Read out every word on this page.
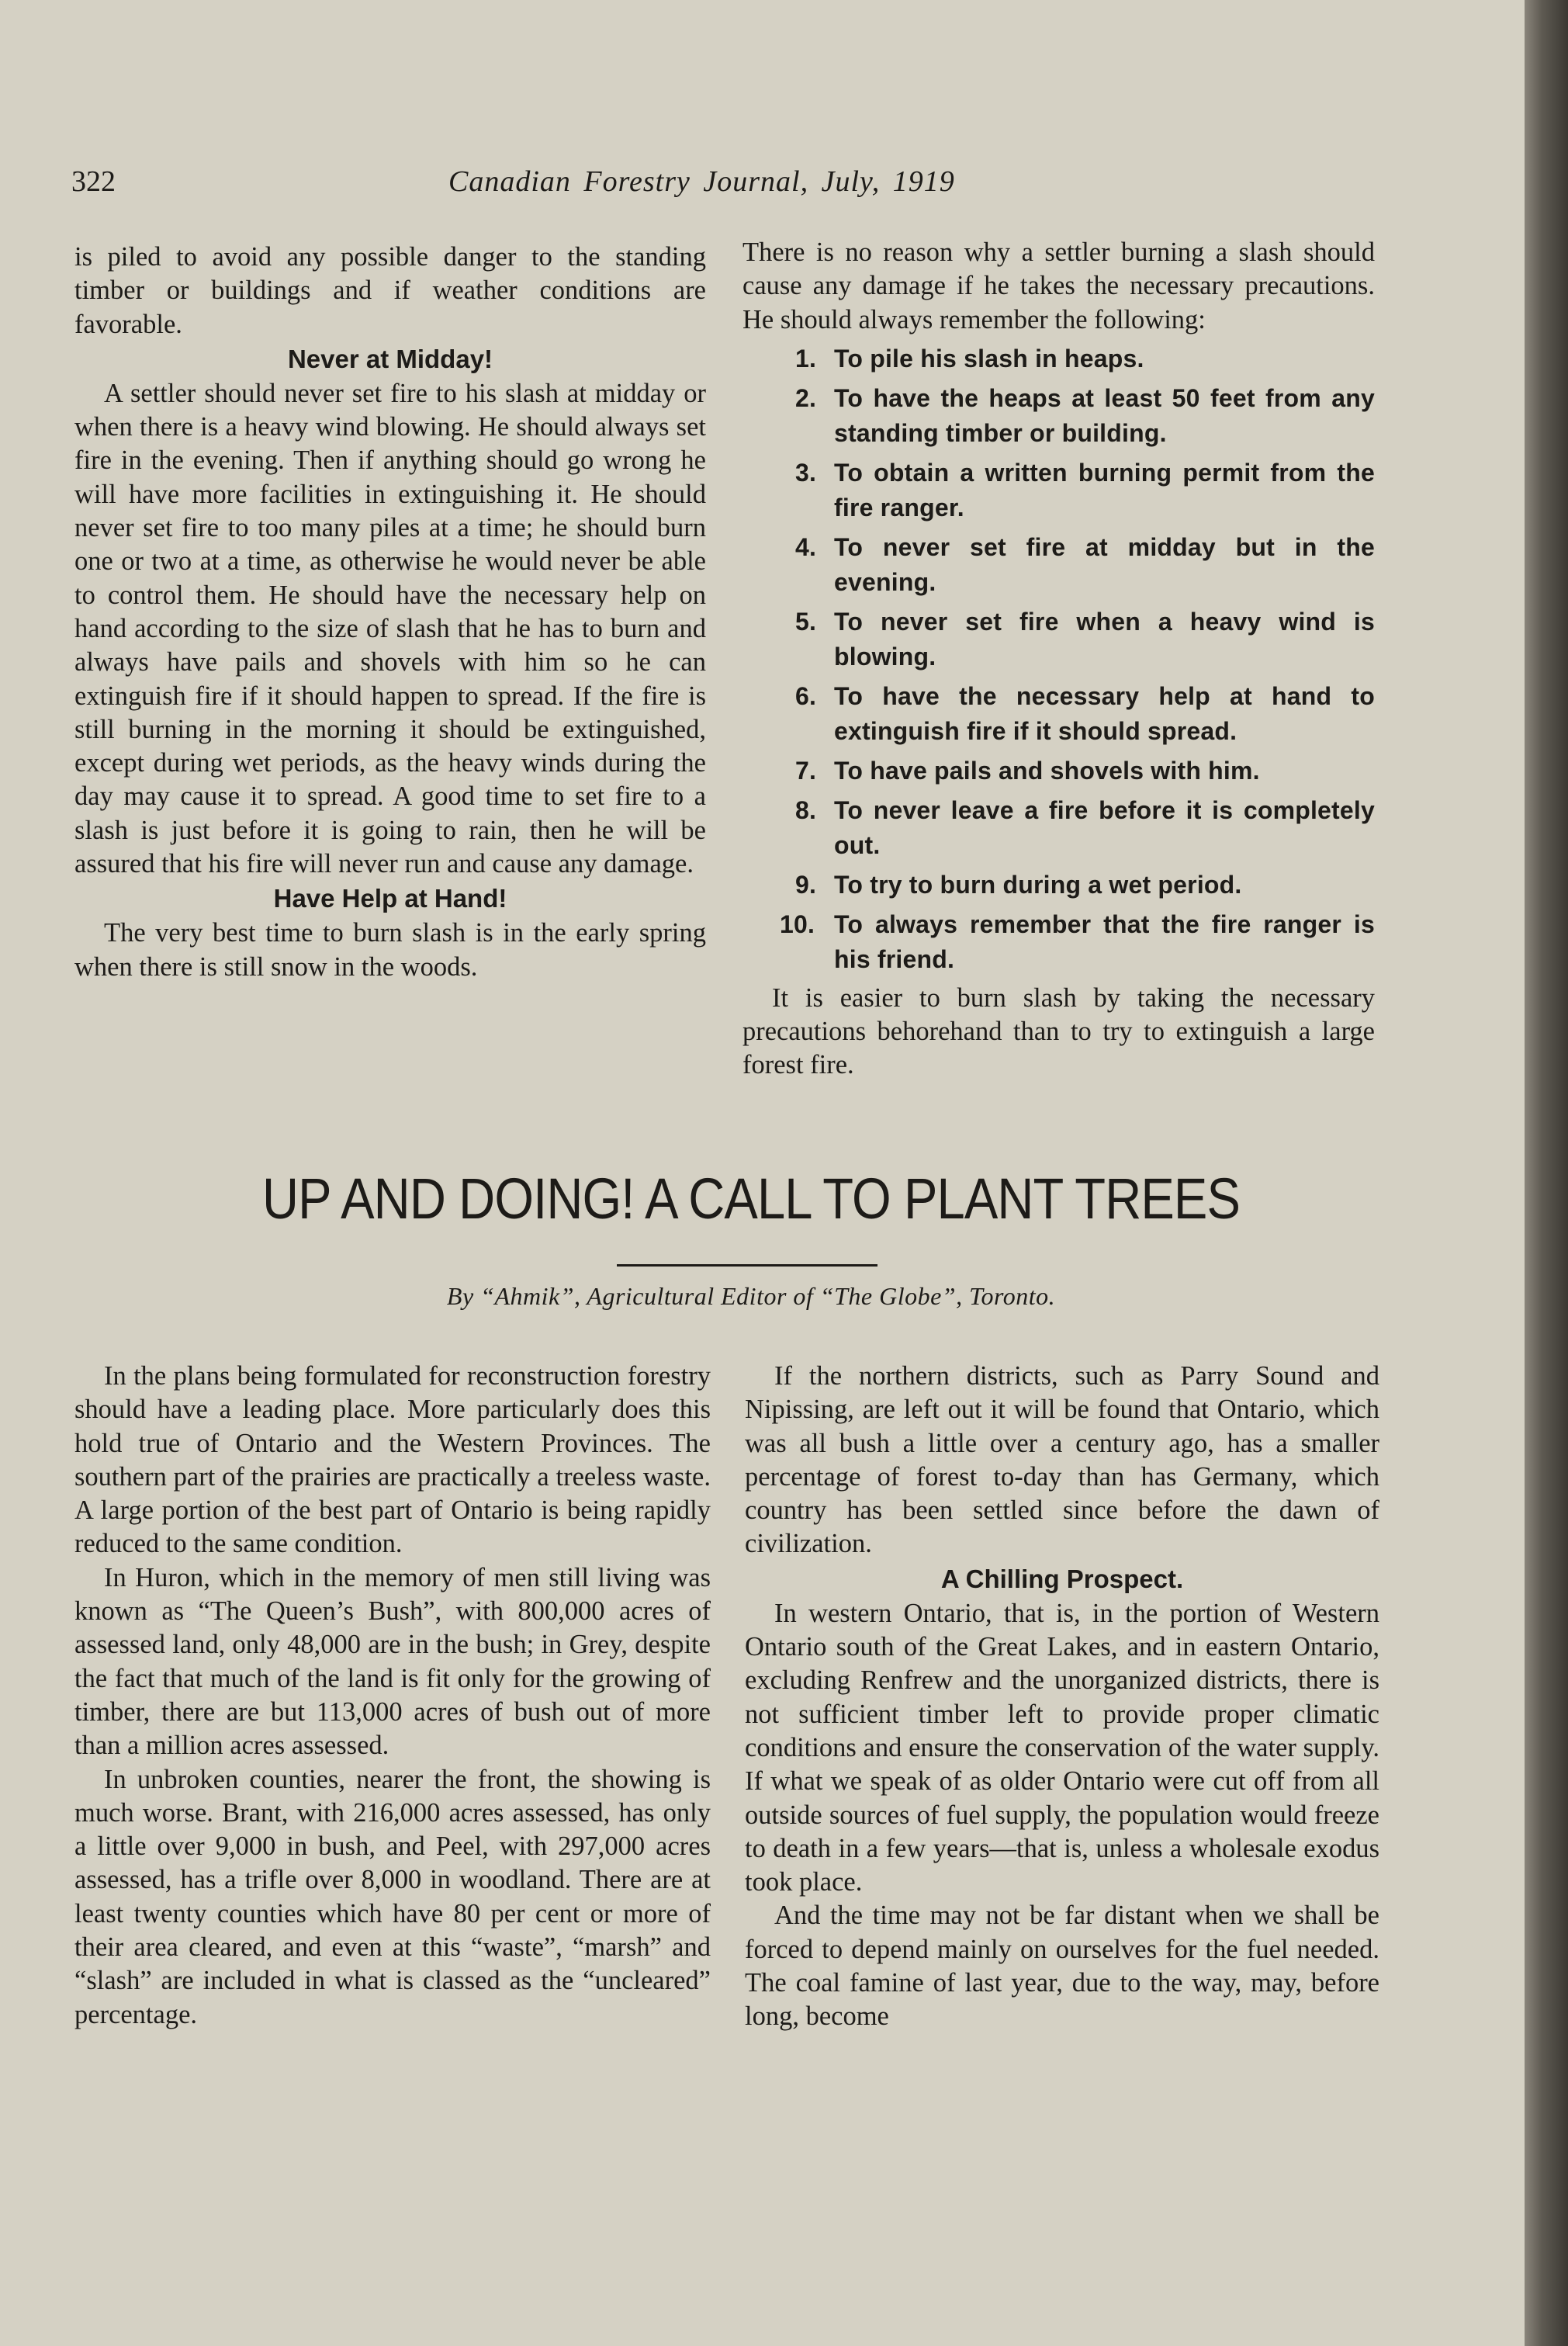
322	Canadian Forestry Journal, July, 1919

is piled to avoid any possible danger to the standing timber or buildings and if weather conditions are favorable.

Never at Midday!

A settler should never set fire to his slash at midday or when there is a heavy wind blowing. He should always set fire in the evening. Then if anything should go wrong he will have more facilities in extinguishing it. He should never set fire to too many piles at a time; he should burn one or two at a time, as otherwise he would never be able to control them. He should have the necessary help on hand according to the size of slash that he has to burn and always have pails and shovels with him so he can extinguish fire if it should happen to spread. If the fire is still burning in the morning it should be extinguished, except during wet periods, as the heavy winds during the day may cause it to spread. A good time to set fire to a slash is just before it is going to rain, then he will be assured that his fire will never run and cause any damage.

Have Help at Hand!

The very best time to burn slash is in the early spring when there is still snow in the woods.

There is no reason why a settler burning a slash should cause any damage if he takes the necessary precautions. He should always remember the following:

1. To pile his slash in heaps.
2. To have the heaps at least 50 feet from any standing timber or building.
3. To obtain a written burning permit from the fire ranger.
4. To never set fire at midday but in the evening.
5. To never set fire when a heavy wind is blowing.
6. To have the necessary help at hand to extinguish fire if it should spread.
7. To have pails and shovels with him.
8. To never leave a fire before it is completely out.
9. To try to burn during a wet period.
10. To always remember that the fire ranger is his friend.

It is easier to burn slash by taking the necessary precautions behorehand than to try to extinguish a large forest fire.

UP AND DOING! A CALL TO PLANT TREES
By “Ahmik”, Agricultural Editor of “The Globe”, Toronto.

In the plans being formulated for reconstruction forestry should have a leading place. More particularly does this hold true of Ontario and the Western Provinces. The southern part of the prairies are practically a treeless waste. A large portion of the best part of Ontario is being rapidly reduced to the same condition.

In Huron, which in the memory of men still living was known as “The Queen’s Bush”, with 800,000 acres of assessed land, only 48,000 are in the bush; in Grey, despite the fact that much of the land is fit only for the growing of timber, there are but 113,000 acres of bush out of more than a million acres assessed.

In unbroken counties, nearer the front, the showing is much worse. Brant, with 216,000 acres assessed, has only a little over 9,000 in bush, and Peel, with 297,000 acres assessed, has a trifle over 8,000 in woodland. There are at least twenty counties which have 80 per cent or more of their area cleared, and even at this “waste”, “marsh” and “slash” are included in what is classed as the “uncleared” percentage.

If the northern districts, such as Parry Sound and Nipissing, are left out it will be found that Ontario, which was all bush a little over a century ago, has a smaller percentage of forest to-day than has Germany, which country has been settled since before the dawn of civilization.

A Chilling Prospect.

In western Ontario, that is, in the portion of Western Ontario south of the Great Lakes, and in eastern Ontario, excluding Renfrew and the unorganized districts, there is not sufficient timber left to provide proper climatic conditions and ensure the conservation of the water supply. If what we speak of as older Ontario were cut off from all outside sources of fuel supply, the population would freeze to death in a few years—that is, unless a wholesale exodus took place.

And the time may not be far distant when we shall be forced to depend mainly on ourselves for the fuel needed. The coal famine of last year, due to the way, may, before long, become
